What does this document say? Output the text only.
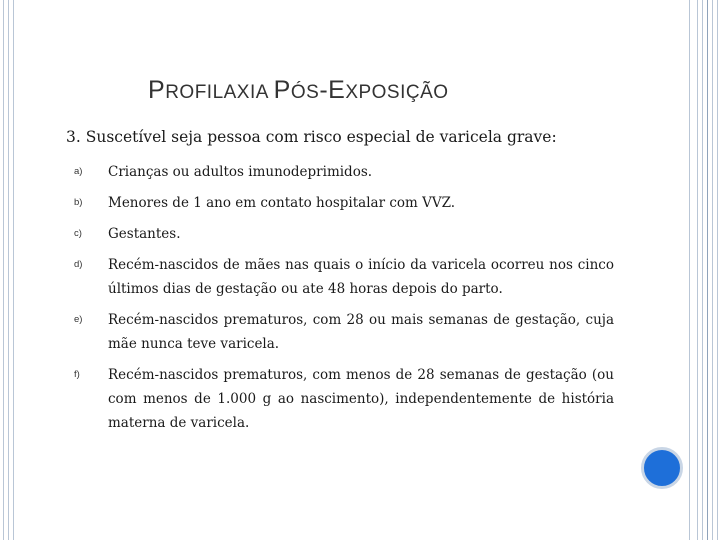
PROFILAXIA PÓS-EXPOSIÇÃO
3. Suscetível seja pessoa com risco especial de varicela grave:
a) Crianças ou adultos imunodeprimidos.
b) Menores de 1 ano em contato hospitalar com VVZ.
c) Gestantes.
d) Recém-nascidos de mães nas quais o início da varicela ocorreu nos cinco últimos dias de gestação ou ate 48 horas depois do parto.
e) Recém-nascidos prematuros, com 28 ou mais semanas de gestação, cuja mãe nunca teve varicela.
f) Recém-nascidos prematuros, com menos de 28 semanas de gestação (ou com menos de 1.000 g ao nascimento), independentemente de história materna de varicela.
